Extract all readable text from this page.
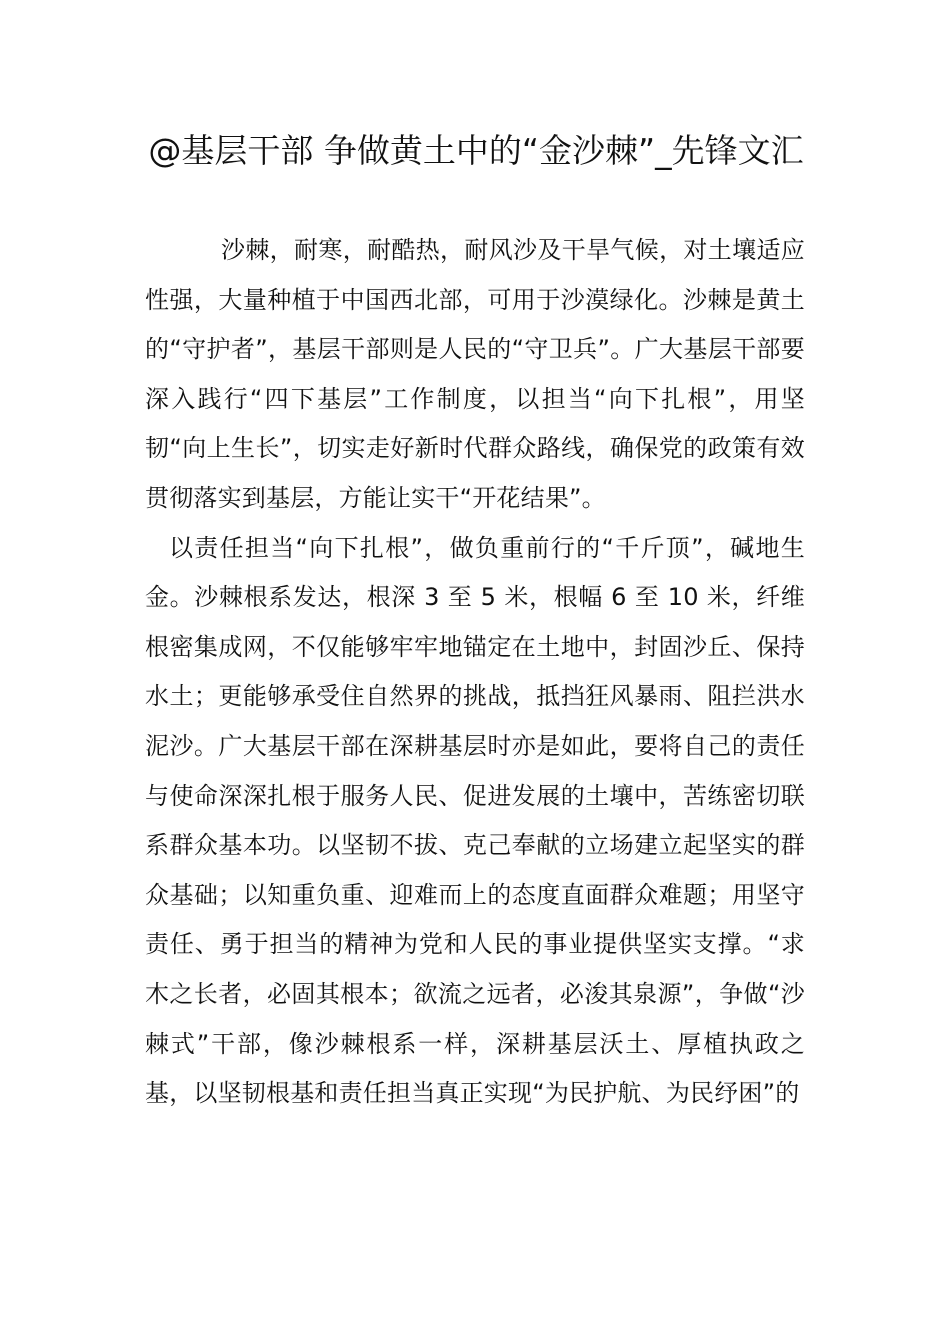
@基层干部 争做黄土中的“金沙棘”_先锋文汇

沙棘，耐寒，耐酷热，耐风沙及干旱气候，对土壤适应性强，大量种植于中国西北部，可用于沙漠绿化。沙棘是黄土的“守护者”，基层干部则是人民的“守卫兵”。广大基层干部要深入践行“四下基层”工作制度，以担当“向下扎根”，用坚韧“向上生长”，切实走好新时代群众路线，确保党的政策有效贯彻落实到基层，方能让实干“开花结果”。

以责任担当“向下扎根”，做负重前行的“千斤顶”，碱地生金。沙棘根系发达，根深 3 至 5 米，根幅 6 至 10 米，纤维根密集成网，不仅能够牢牢地锚定在土地中，封固沙丘、保持水土；更能够承受住自然界的挑战，抵挡狂风暴雨、阻拦洪水泥沙。广大基层干部在深耕基层时亦是如此，要将自己的责任与使命深深扎根于服务人民、促进发展的土壤中，苦练密切联系群众基本功。以坚韧不拔、克己奉献的立场建立起坚实的群众基础；以知重负重、迎难而上的态度直面群众难题；用坚守责任、勇于担当的精神为党和人民的事业提供坚实支撑。“求木之长者，必固其根本；欲流之远者，必浚其泉源”，争做“沙棘式”干部，像沙棘根系一样，深耕基层沃土、厚植执政之基，以坚韧根基和责任担当真正实现“为民护航、为民纾困”的
